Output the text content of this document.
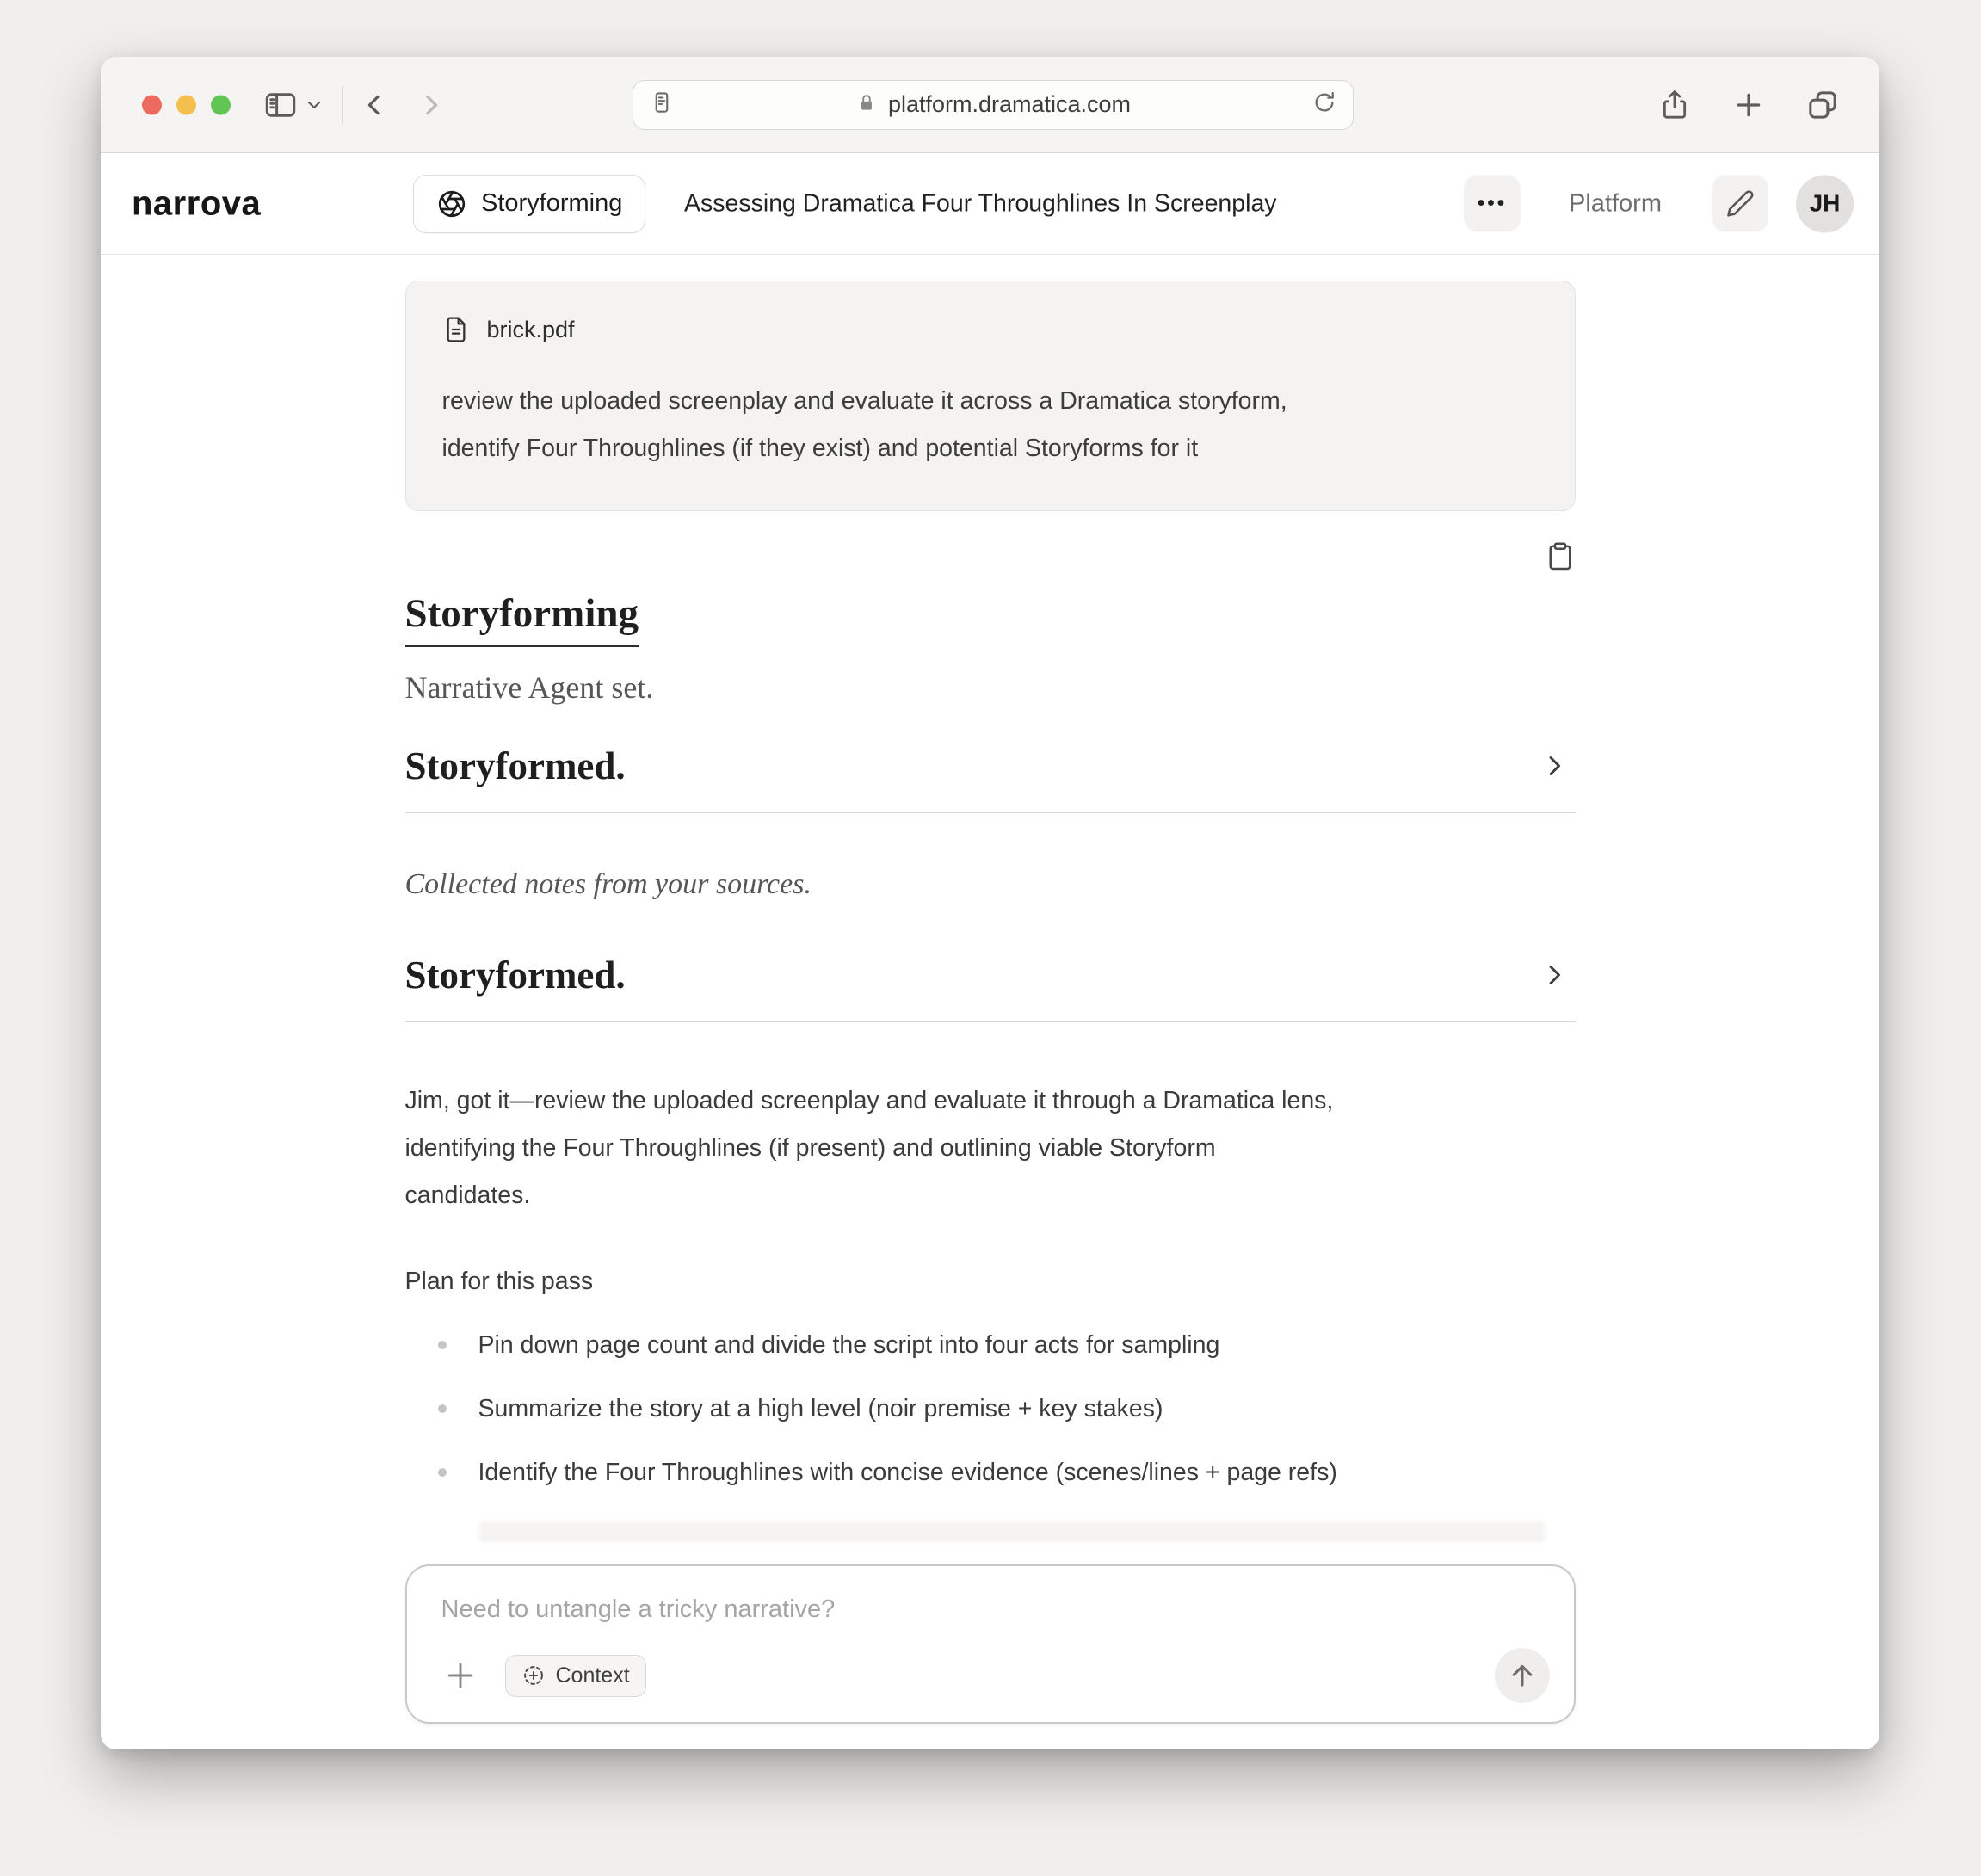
platform.dramatica.com
narrova	Storyforming	Assessing Dramatica Four Throughlines In Screenplay	•••	Platform	JH
brick.pdf
review the uploaded screenplay and evaluate it across a Dramatica storyform,
identify Four Throughlines (if they exist) and potential Storyforms for it
Storyforming
Narrative Agent set.
Storyformed.
Collected notes from your sources.
Storyformed.
Jim, got it—review the uploaded screenplay and evaluate it through a Dramatica lens,
identifying the Four Throughlines (if present) and outlining viable Storyform
candidates.
Plan for this pass
Pin down page count and divide the script into four acts for sampling
Summarize the story at a high level (noir premise + key stakes)
Identify the Four Throughlines with concise evidence (scenes/lines + page refs)
Need to untangle a tricky narrative?
Context
